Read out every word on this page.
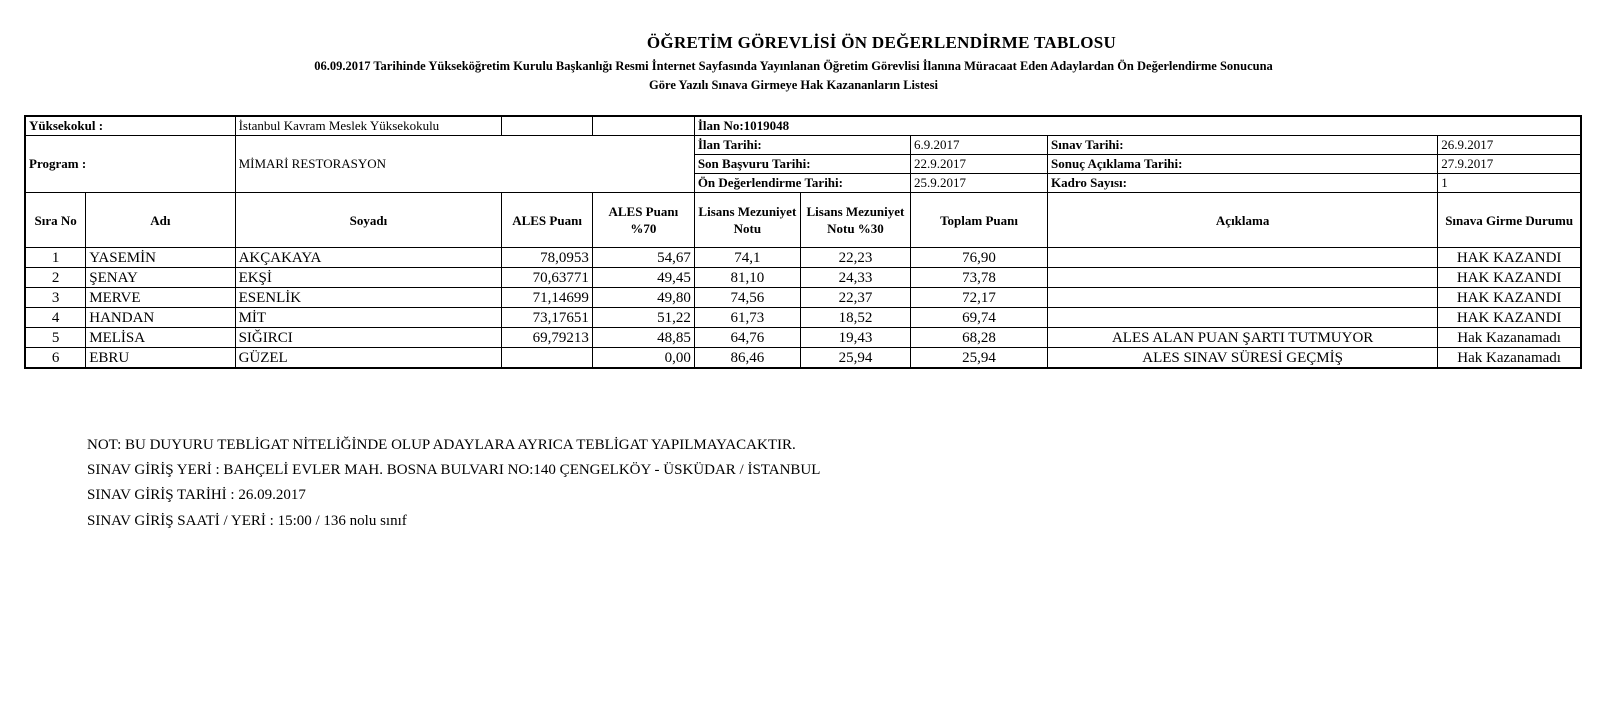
ÖĞRETİM GÖREVLİSİ ÖN DEĞERLENDİRME TABLOSU
06.09.2017 Tarihinde Yükseköğretim Kurulu Başkanlığı Resmi İnternet Sayfasında Yayınlanan Öğretim Görevlisi İlanına Müracaat Eden Adaylardan Ön Değerlendirme Sonucuna
Göre Yazılı Sınava Girmeye Hak Kazananların Listesi
Yüksekokul :		İstanbul Kavram Meslek Yüksekokulu			İlan No:1019048				
Program :		MİMARİ RESTORASYON			İlan Tarihi:		6.9.2017	Sınav Tarihi:	26.9.2017
					Son Başvuru Tarihi:		22.9.2017	Sonuç Açıklama Tarihi:	27.9.2017
					Ön Değerlendirme Tarihi:		25.9.2017	Kadro Sayısı:	1
Sıra No	Adı	Soyadı	ALES Puanı	ALES Puanı %70	Lisans Mezuniyet Notu	Lisans Mezuniyet Notu %30	Toplam Puanı	Açıklama	Sınava Girme Durumu
1	YASEMİN	AKÇAKAYA	78,0953	54,67	74,1	22,23	76,90		HAK KAZANDI
2	ŞENAY	EKŞİ	70,63771	49,45	81,10	24,33	73,78		HAK KAZANDI
3	MERVE	ESENLİK	71,14699	49,80	74,56	22,37	72,17		HAK KAZANDI
4	HANDAN	MİT	73,17651	51,22	61,73	18,52	69,74		HAK KAZANDI
5	MELİSA	SIĞIRCI	69,79213	48,85	64,76	19,43	68,28	ALES ALAN PUAN ŞARTI TUTMUYOR	Hak Kazanamadı
6	EBRU	GÜZEL		0,00	86,46	25,94	25,94	ALES SINAV SÜRESİ GEÇMİŞ	Hak Kazanamadı
NOT: BU DUYURU TEBLİGAT NİTELİĞİNDE OLUP ADAYLARA AYRICA TEBLİGAT YAPILMAYACAKTIR.
SINAV GİRİŞ YERİ : BAHÇELİ EVLER MAH. BOSNA BULVARI NO:140 ÇENGELKÖY - ÜSKÜDAR / İSTANBUL
SINAV GİRİŞ TARİHİ : 26.09.2017
SINAV GİRİŞ SAATİ / YERİ : 15:00 / 136 nolu sınıf
